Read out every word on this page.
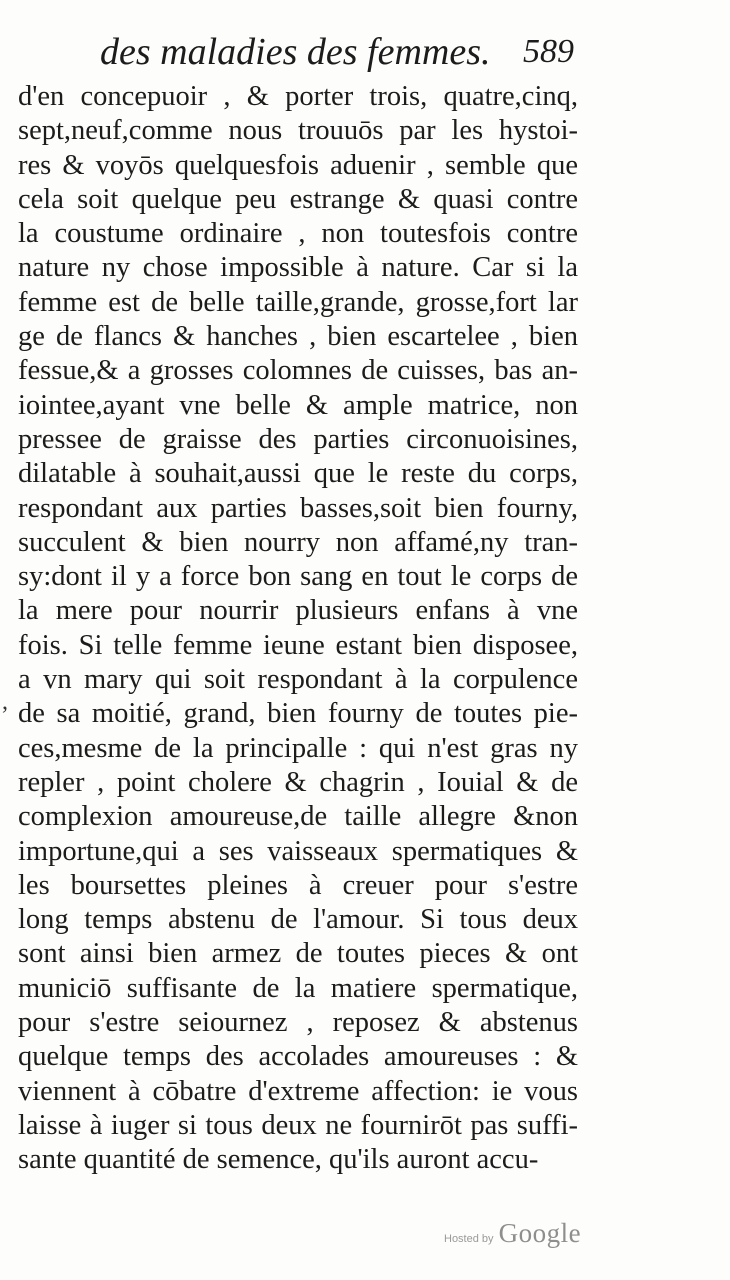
des maladies des femmes. 589
,
d'en concepuoir , & porter trois, quatre,cinq,
sept,neuf,comme nous trouuōs par les hystoi-
res & voyōs quelquesfois aduenir , semble que
cela soit quelque peu estrange & quasi contre
la coustume ordinaire , non toutesfois contre
nature ny chose impossible à nature. Car si la
femme est de belle taille,grande, grosse,fort lar
ge de flancs & hanches , bien escartelee , bien
fessue,& a grosses colomnes de cuisses, bas an-
iointee,ayant vne belle & ample matrice, non
pressee de graisse des parties circonuoisines,
dilatable à souhait,aussi que le reste du corps,
respondant aux parties basses,soit bien fourny,
succulent & bien nourry non affamé,ny tran-
sy:dont il y a force bon sang en tout le corps de
la mere pour nourrir plusieurs enfans à vne
fois. Si telle femme ieune estant bien disposee,
a vn mary qui soit respondant à la corpulence
de sa moitié, grand, bien fourny de toutes pie-
ces,mesme de la principalle : qui n'est gras ny
repler , point cholere & chagrin , Iouial & de
complexion amoureuse,de taille allegre &non
importune,qui a ses vaisseaux spermatiques &
les boursettes pleines à creuer pour s'estre
long temps abstenu de l'amour. Si tous deux
sont ainsi bien armez de toutes pieces & ont
municiō suffisante de la matiere spermatique,
pour s'estre seiournez , reposez & abstenus
quelque temps des accolades amoureuses : &
viennent à cōbatre d'extreme affection: ie vous
laisse à iuger si tous deux ne fournirōt pas suffi-
sante quantité de semence, qu'ils auront accu-
Hosted by Google
